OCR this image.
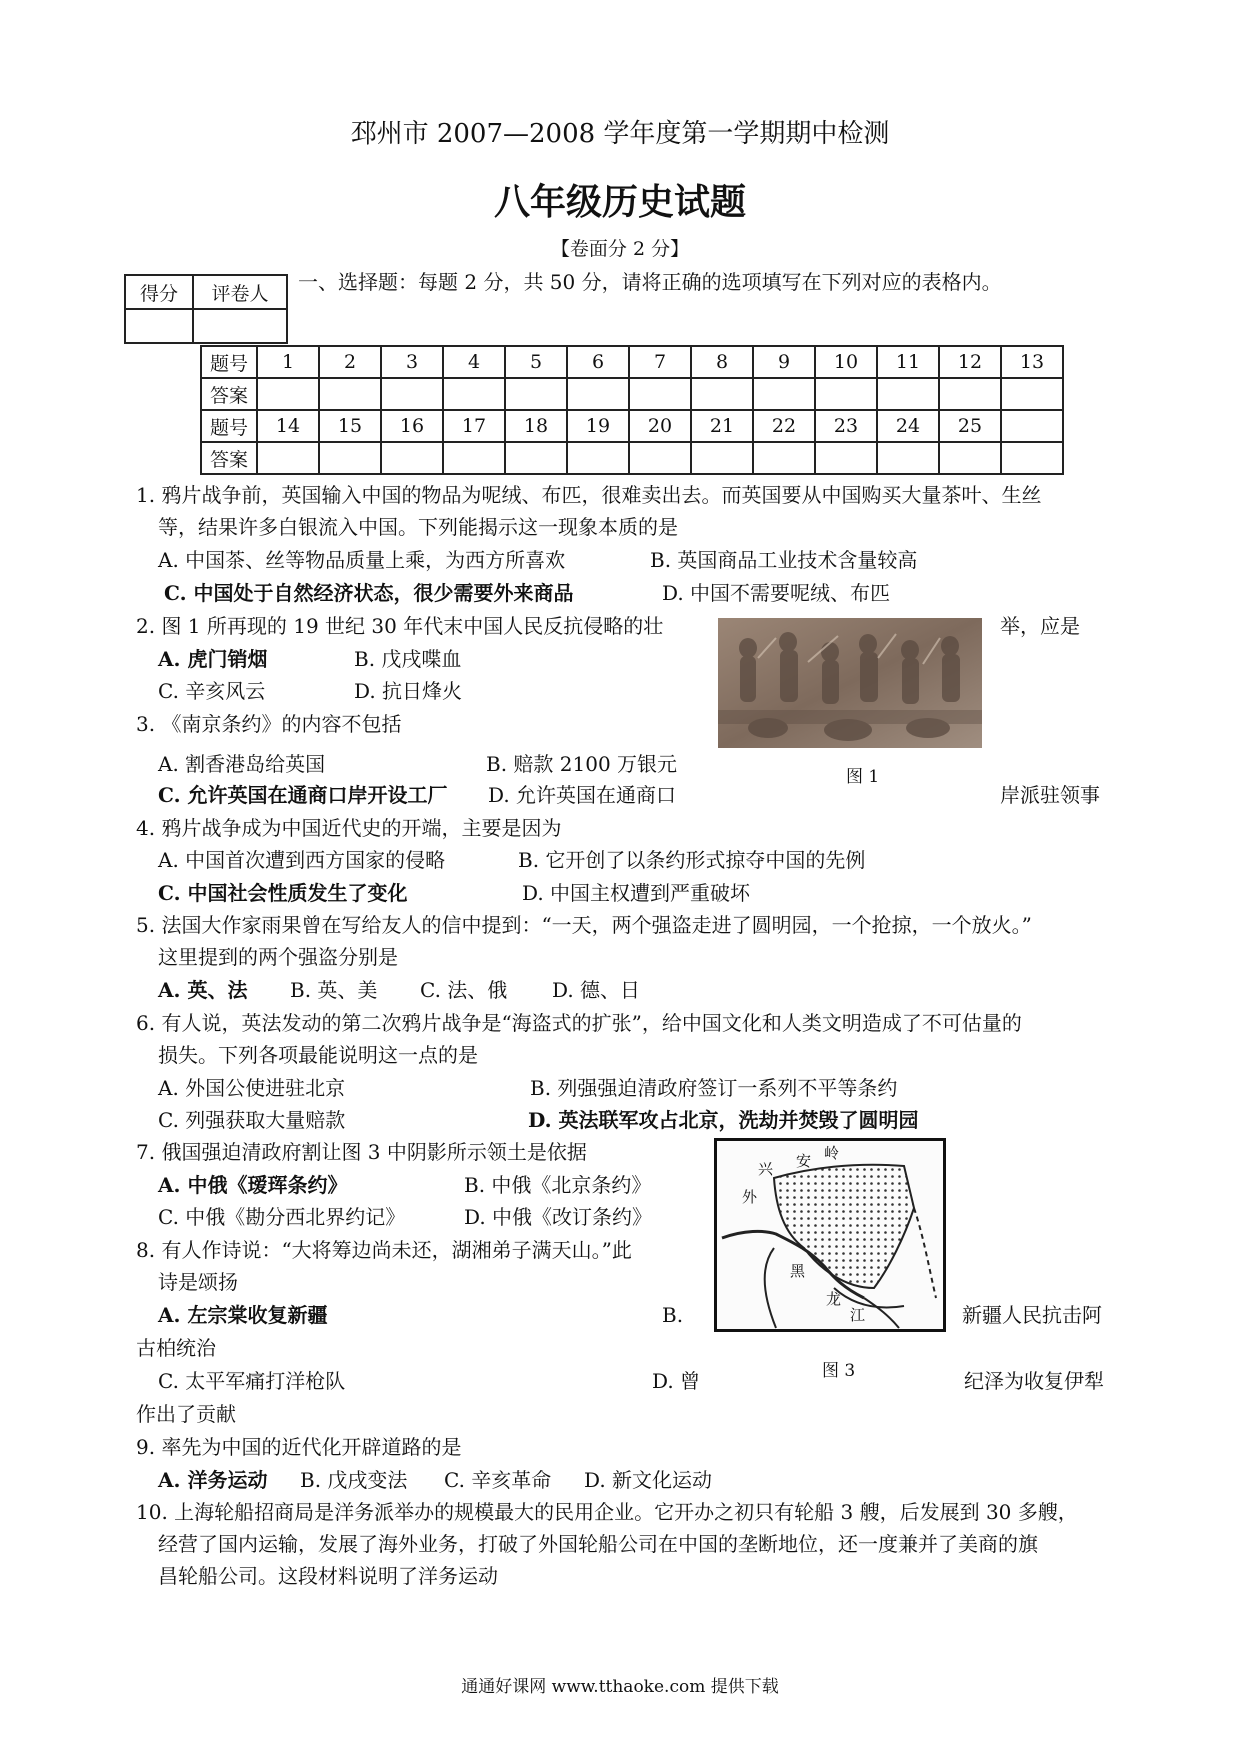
邳州市 2007—2008 学年度第一学期期中检测
八年级历史试题
【卷面分 2 分】
得分	评卷人
	一、选择题：每题 2 分，共 50 分，请将正确的选项填写在下列对应的表格内。
题号	1	2	3	4	5	6	7	8	9	10	11	12	13
答案													
题号	14	15	16	17	18	19	20	21	22	23	24	25	
答案													
1. 鸦片战争前，英国输入中国的物品为呢绒、布匹，很难卖出去。而英国要从中国购买大量茶叶、生丝
等，结果许多白银流入中国。下列能揭示这一现象本质的是
A. 中国茶、丝等物品质量上乘，为西方所喜欢	B. 英国商品工业技术含量较高
C. 中国处于自然经济状态，很少需要外来商品	D. 中国不需要呢绒、布匹
2. 图 1 所再现的 19 世纪 30 年代末中国人民反抗侵略的壮	举，应是
A. 虎门销烟	B. 戊戌喋血
C. 辛亥风云	D. 抗日烽火
图 1
3. 《南京条约》的内容不包括
A. 割香港岛给英国	B. 赔款 2100 万银元
C. 允许英国在通商口岸开设工厂 D. 允许英国在通商口	岸派驻领事
4. 鸦片战争成为中国近代史的开端，主要是因为
A. 中国首次遭到西方国家的侵略	B. 它开创了以条约形式掠夺中国的先例
C. 中国社会性质发生了变化	D. 中国主权遭到严重破坏
5. 法国大作家雨果曾在写给友人的信中提到：“一天，两个强盗走进了圆明园，一个抢掠，一个放火。”
这里提到的两个强盗分别是
A. 英、法 B. 英、美 C. 法、俄 D. 德、日
6. 有人说，英法发动的第二次鸦片战争是“海盗式的扩张”，给中国文化和人类文明造成了不可估量的
损失。下列各项最能说明这一点的是
A. 外国公使进驻北京	B. 列强强迫清政府签订一系列不平等条约
C. 列强获取大量赔款	D. 英法联军攻占北京，洗劫并焚毁了圆明园
7. 俄国强迫清政府割让图 3 中阴影所示领土是依据
A. 中俄《瑷珲条约》	B. 中俄《北京条约》
C. 中俄《勘分西北界约记》	D. 中俄《改订条约》
兴 安 岭
外
黑
龙
江
图 3
8. 有人作诗说：“大将筹边尚未还，湖湘弟子满天山。”此
诗是颂扬
A. 左宗棠收复新疆	B.	新疆人民抗击阿
古柏统治
C. 太平军痛打洋枪队	D. 曾	纪泽为收复伊犁
作出了贡献
9. 率先为中国的近代化开辟道路的是
A. 洋务运动 B. 戊戌变法 C. 辛亥革命 D. 新文化运动
10. 上海轮船招商局是洋务派举办的规模最大的民用企业。它开办之初只有轮船 3 艘，后发展到 30 多艘，
经营了国内运输，发展了海外业务，打破了外国轮船公司在中国的垄断地位，还一度兼并了美商的旗
昌轮船公司。这段材料说明了洋务运动
通通好课网 www.tthaoke.com 提供下载
